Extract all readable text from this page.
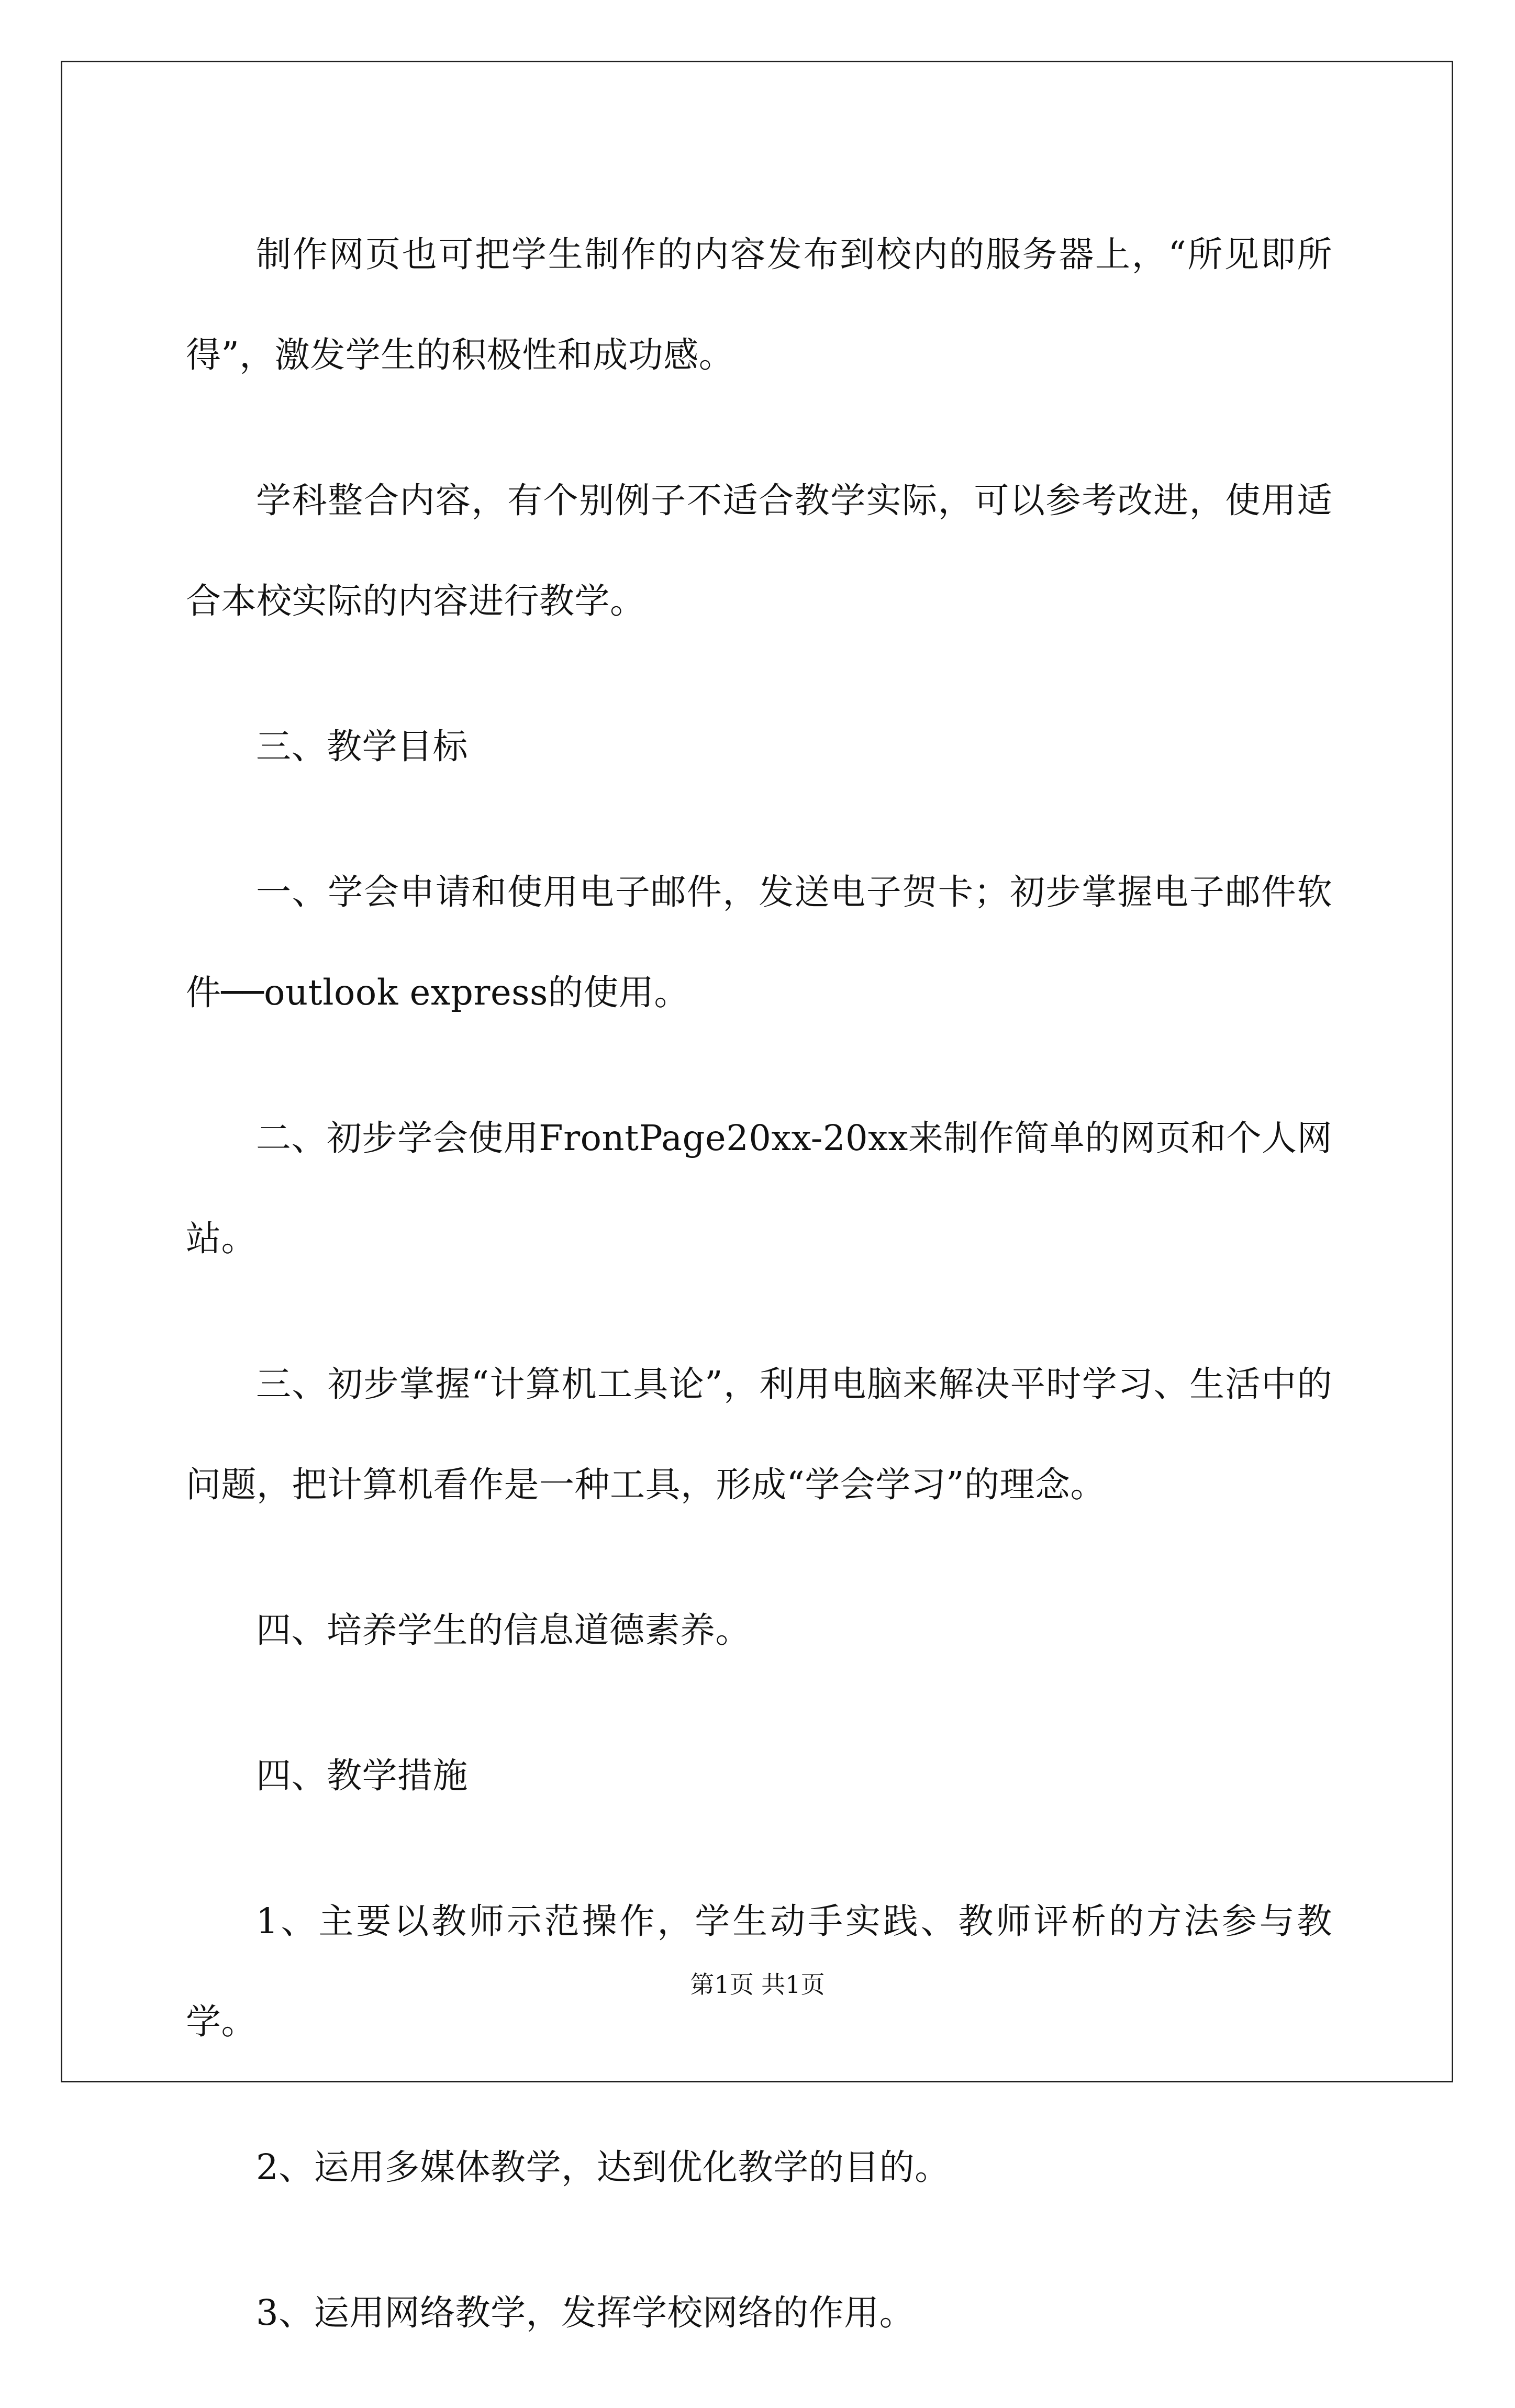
制作网页也可把学生制作的内容发布到校内的服务器上，“所见即所得”，激发学生的积极性和成功感。

学科整合内容，有个别例子不适合教学实际，可以参考改进，使用适合本校实际的内容进行教学。

三、教学目标

一、学会申请和使用电子邮件，发送电子贺卡；初步掌握电子邮件软件──outlook express的使用。

二、初步学会使用FrontPage20xx-20xx来制作简单的网页和个人网站。

三、初步掌握“计算机工具论”，利用电脑来解决平时学习、生活中的问题，把计算机看作是一种工具，形成“学会学习”的理念。

四、培养学生的信息道德素养。

四、教学措施

1、主要以教师示范操作，学生动手实践、教师评析的方法参与教学。

2、运用多媒体教学，达到优化教学的目的。

3、运用网络教学，发挥学校网络的作用。

第1页 共1页
